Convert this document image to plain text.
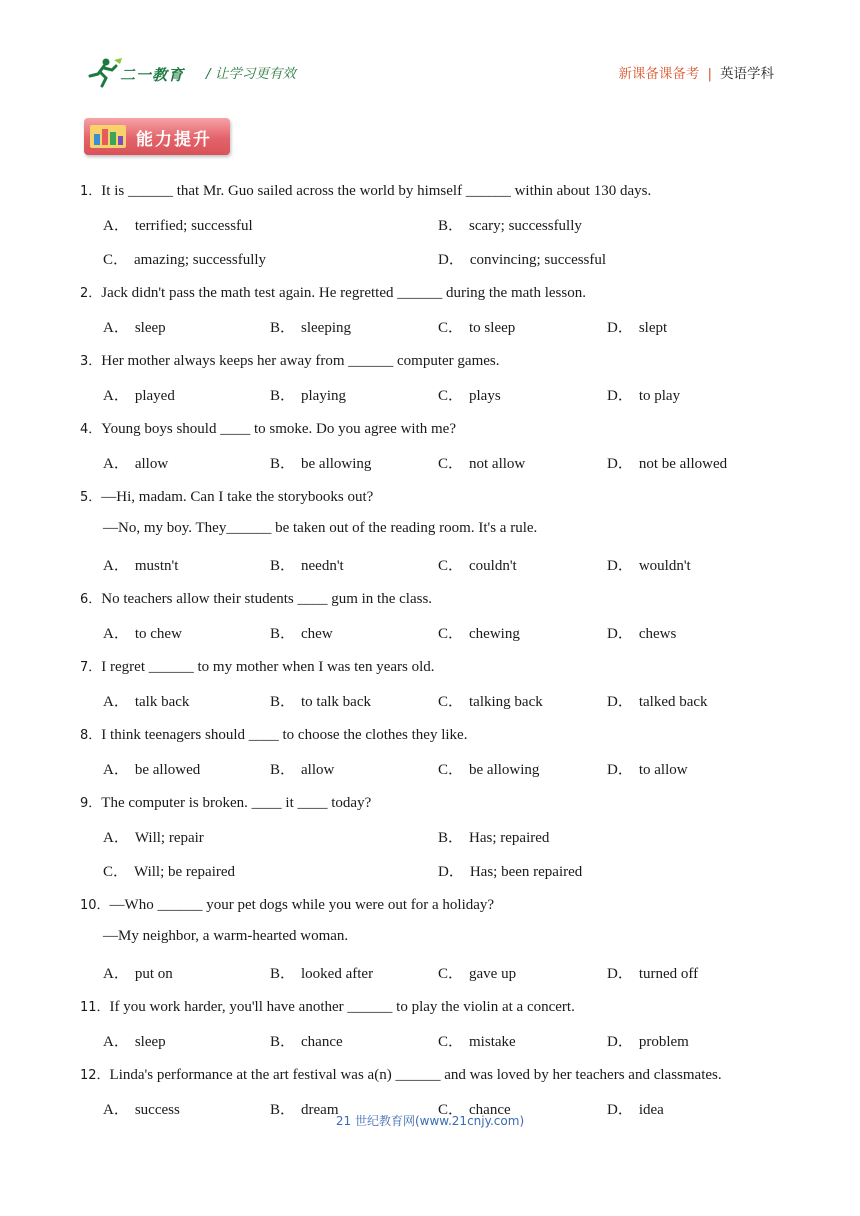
二一教育 / 让学习更有效	新课备课备考 | 英语学科
能力提升
1．It is ______ that Mr. Guo sailed across the world by himself ______ within about 130 days.
A． terrified; successful	B． scary; successfully
C． amazing; successfully	D． convincing; successful
2．Jack didn't pass the math test again. He regretted ______ during the math lesson.
A． sleep	B． sleeping	C． to sleep	D． slept
3．Her mother always keeps her away from ______ computer games.
A． played	B． playing	C． plays	D． to play
4．Young boys should ____ to smoke. Do you agree with me?
A． allow	B． be allowing	C． not allow	D． not be allowed
5．—Hi, madam. Can I take the storybooks out?
—No, my boy. They______ be taken out of the reading room. It's a rule.
A． mustn't	B． needn't	C． couldn't	D． wouldn't
6．No teachers allow their students ____ gum in the class.
A． to chew	B． chew	C． chewing	D． chews
7．I regret ______ to my mother when I was ten years old.
A． talk back	B． to talk back	C． talking back	D． talked back
8．I think teenagers should ____ to choose the clothes they like.
A． be allowed	B． allow	C． be allowing	D． to allow
9．The computer is broken. ____ it ____ today?
A． Will; repair	B． Has; repaired
C． Will; be repaired	D． Has; been repaired
10．—Who ______ your pet dogs while you were out for a holiday?
—My neighbor, a warm-hearted woman.
A． put on	B． looked after	C． gave up	D． turned off
11．If you work harder, you'll have another ______ to play the violin at a concert.
A． sleep	B． chance	C． mistake	D． problem
12．Linda's performance at the art festival was a(n) ______ and was loved by her teachers and classmates.
A． success	B． dream	C． chance	D． idea
21 世纪教育网(www.21cnjy.com)
